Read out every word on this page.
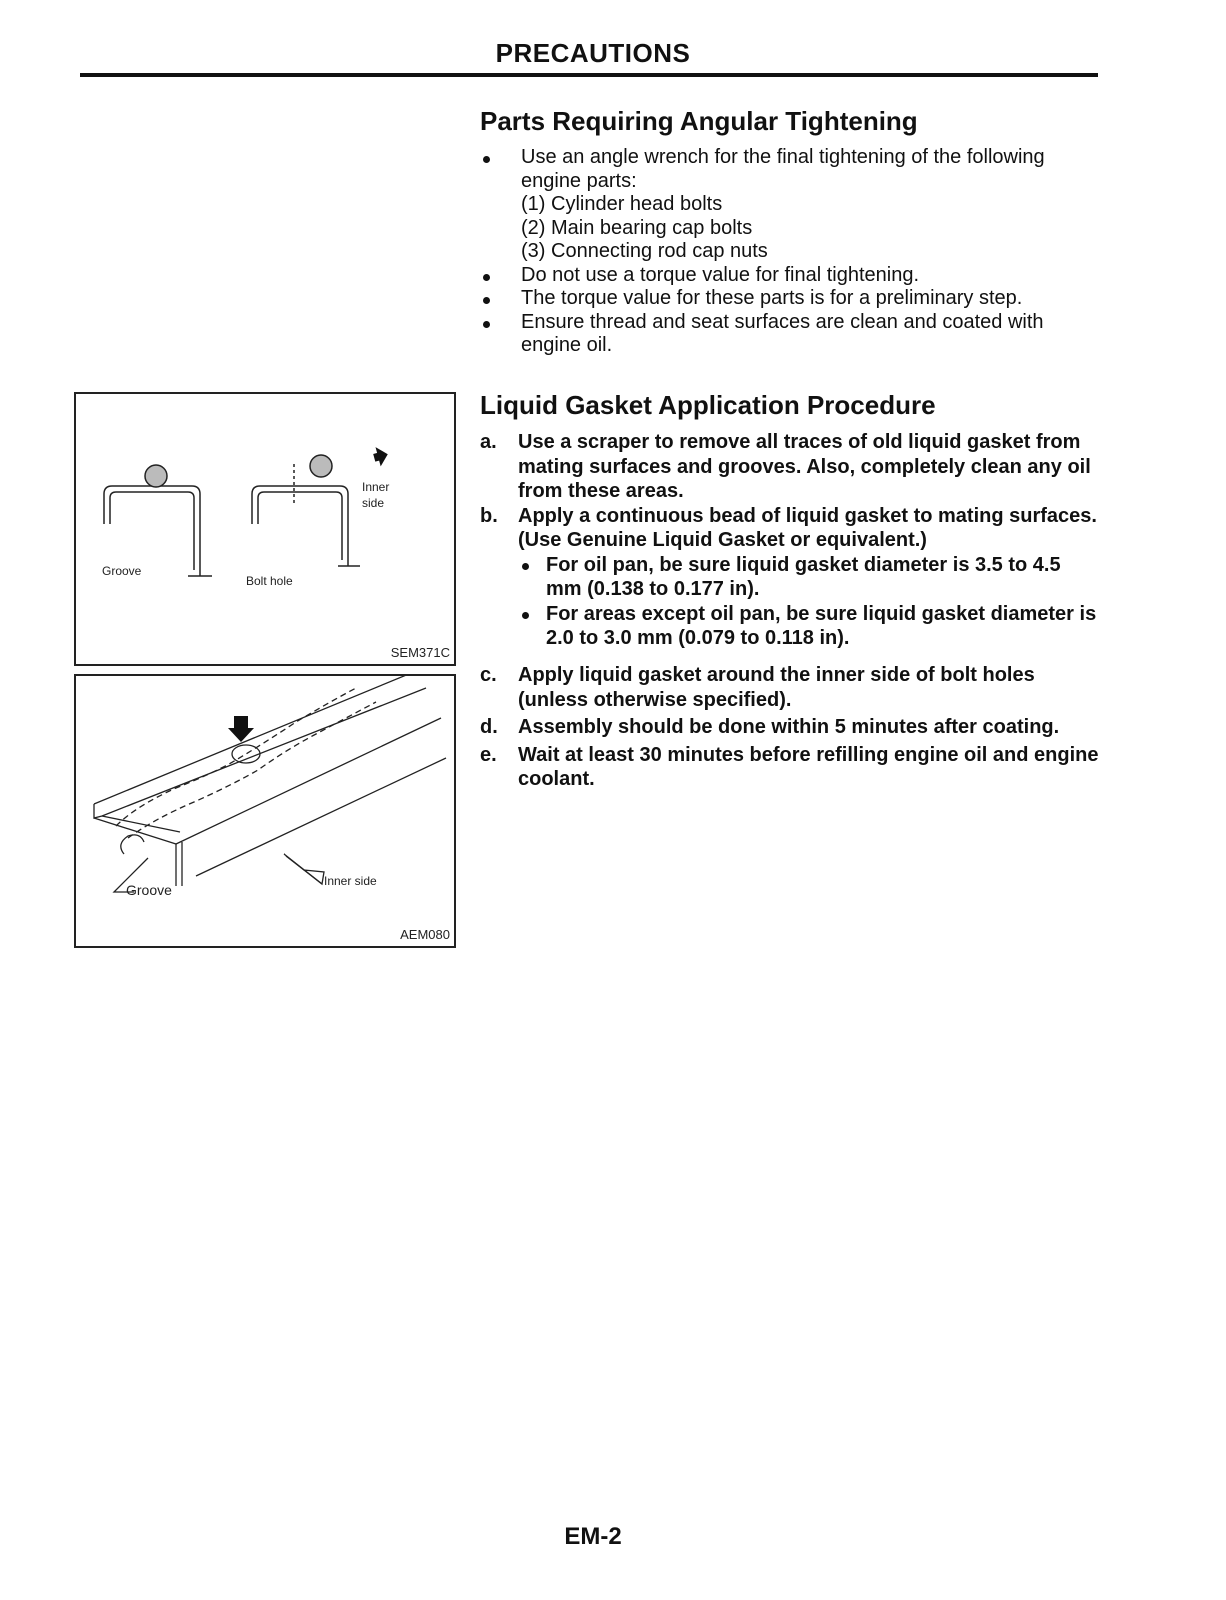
PRECAUTIONS
Parts Requiring Angular Tightening
Use an angle wrench for the final tightening of the following engine parts:
(1) Cylinder head bolts
(2) Main bearing cap bolts
(3) Connecting rod cap nuts
Do not use a torque value for final tightening.
The torque value for these parts is for a preliminary step.
Ensure thread and seat surfaces are clean and coated with engine oil.
Liquid Gasket Application Procedure
a. Use a scraper to remove all traces of old liquid gasket from mating surfaces and grooves. Also, completely clean any oil from these areas.
b. Apply a continuous bead of liquid gasket to mating surfaces. (Use Genuine Liquid Gasket or equivalent.)
For oil pan, be sure liquid gasket diameter is 3.5 to 4.5 mm (0.138 to 0.177 in).
For areas except oil pan, be sure liquid gasket diameter is 2.0 to 3.0 mm (0.079 to 0.118 in).
c. Apply liquid gasket around the inner side of bolt holes (unless otherwise specified).
d. Assembly should be done within 5 minutes after coating.
e. Wait at least 30 minutes before refilling engine oil and engine coolant.
Groove
Bolt hole
Inner
side
SEM371C
Groove
Inner side
AEM080
EM-2
